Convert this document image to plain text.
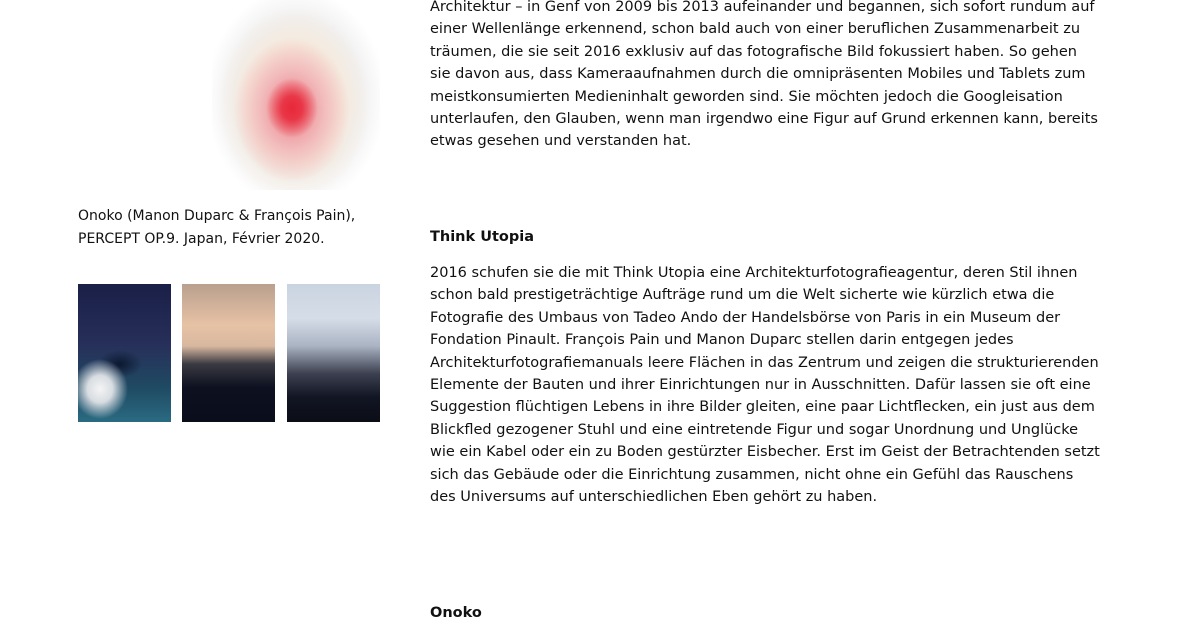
Onoko (Manon Duparc & François Pain), PERCEPT OP.9. Japan, Février 2020.

Architektur – in Genf von 2009 bis 2013 aufeinander und begannen, sich sofort rundum auf einer Wellenlänge erkennend, schon bald auch von einer beruflichen Zusammenarbeit zu träumen, die sie seit 2016 exklusiv auf das fotografische Bild fokussiert haben. So gehen sie davon aus, dass Kameraaufnahmen durch die omnipräsenten Mobiles und Tablets zum meistkonsumierten Medieninhalt geworden sind. Sie möchten jedoch die Googleisation unterlaufen, den Glauben, wenn man irgendwo eine Figur auf Grund erkennen kann, bereits etwas gesehen und verstanden hat.

Think Utopia

2016 schufen sie die mit Think Utopia eine Architekturfotografieagentur, deren Stil ihnen schon bald prestigeträchtige Aufträge rund um die Welt sicherte wie kürzlich etwa die Fotografie des Umbaus von Tadeo Ando der Handelsbörse von Paris in ein Museum der Fondation Pinault. François Pain und Manon Duparc stellen darin entgegen jedes Architekturfotografiemanuals leere Flächen in das Zentrum und zeigen die strukturierenden Elemente der Bauten und ihrer Einrichtungen nur in Ausschnitten. Dafür lassen sie oft eine Suggestion flüchtigen Lebens in ihre Bilder gleiten, eine paar Lichtflecken, ein just aus dem Blickfled gezogener Stuhl und eine eintretende Figur und sogar Unordnung und Unglücke wie ein Kabel oder ein zu Boden gestürzter Eisbecher. Erst im Geist der Betrachtenden setzt sich das Gebäude oder die Einrichtung zusammen, nicht ohne ein Gefühl das Rauschens des Universums auf unterschiedlichen Eben gehört zu haben.

Onoko
